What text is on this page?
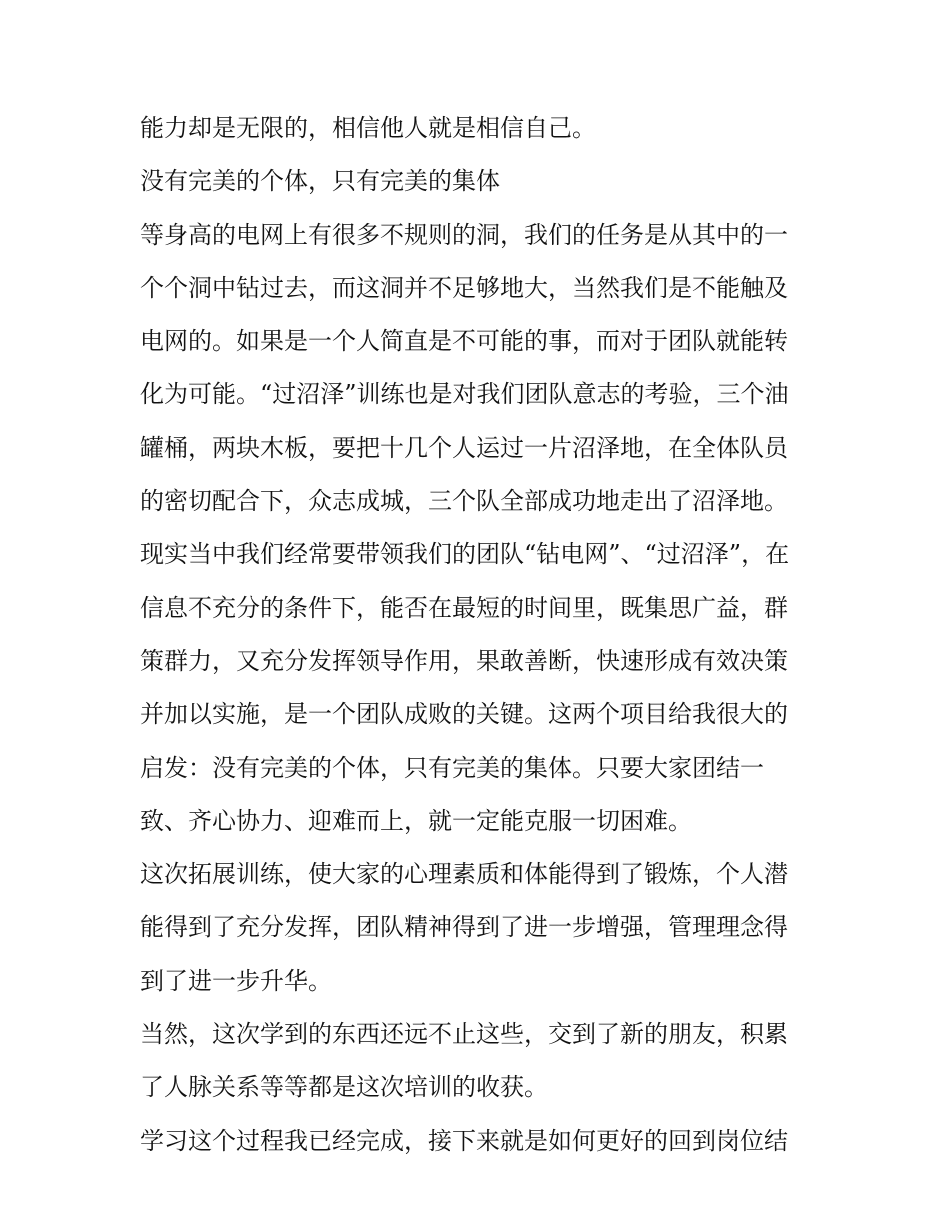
能力却是无限的，相信他人就是相信自己。
没有完美的个体，只有完美的集体
等身高的电网上有很多不规则的洞，我们的任务是从其中的一
个个洞中钻过去，而这洞并不足够地大，当然我们是不能触及
电网的。如果是一个人简直是不可能的事，而对于团队就能转
化为可能。“过沼泽”训练也是对我们团队意志的考验，三个油
罐桶，两块木板，要把十几个人运过一片沼泽地，在全体队员
的密切配合下，众志成城，三个队全部成功地走出了沼泽地。
现实当中我们经常要带领我们的团队“钻电网”、“过沼泽”，在
信息不充分的条件下，能否在最短的时间里，既集思广益，群
策群力，又充分发挥领导作用，果敢善断，快速形成有效决策
并加以实施，是一个团队成败的关键。这两个项目给我很大的
启发：没有完美的个体，只有完美的集体。只要大家团结一
致、齐心协力、迎难而上，就一定能克服一切困难。
这次拓展训练，使大家的心理素质和体能得到了锻炼，个人潜
能得到了充分发挥，团队精神得到了进一步增强，管理理念得
到了进一步升华。
当然，这次学到的东西还远不止这些，交到了新的朋友，积累
了人脉关系等等都是这次培训的收获。
学习这个过程我已经完成，接下来就是如何更好的回到岗位结
